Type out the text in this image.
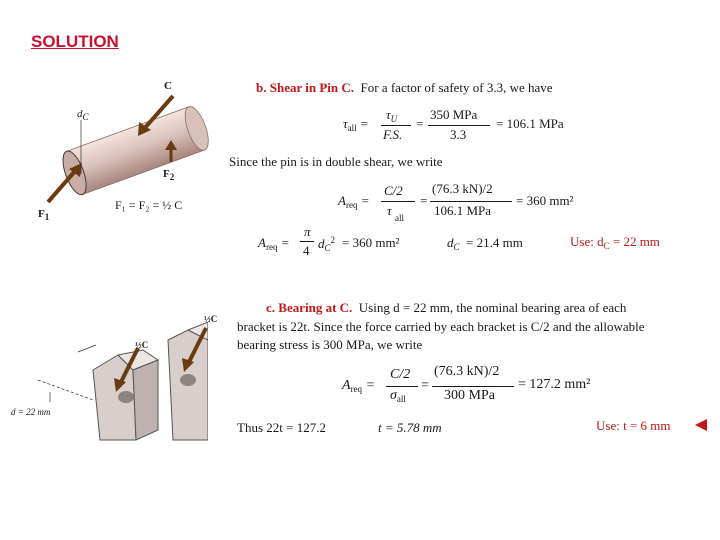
SOLUTION
C
$d_C$
$F_2$
$F_1$
F₁ = F₂ = ½ C
b. Shear in Pin C. For a factor of safety of 3.3, we have
$\tau_{all}$ =
$\tau_U$
F.S.
=
350 MPa
3.3
= 106.1 MPa
Since the pin is in double shear, we write
$A_{req}$ =
C/2
τ all
=
(76.3 kN)/2
106.1 MPa
= 360 mm²
$A_{req}$ =
π
4 $d_C^2 = 360$ mm²	$d_C = 21.4$ mm	Use: $d_C = 22$ mm
½C
½C
d = 22 mm
c. Bearing at C. Using d = 22 mm, the nominal bearing area of each
bracket is 22t. Since the force carried by each bracket is C/2 and the allowable
bearing stress is 300 MPa, we write
$A_{req}$ =
C/2
$\sigma_{all}$
=
(76.3 kN)/2
300 MPa
= 127.2 mm²
Thus 22t = 127.2	t = 5.78 mm	Use: t = 6 mm
